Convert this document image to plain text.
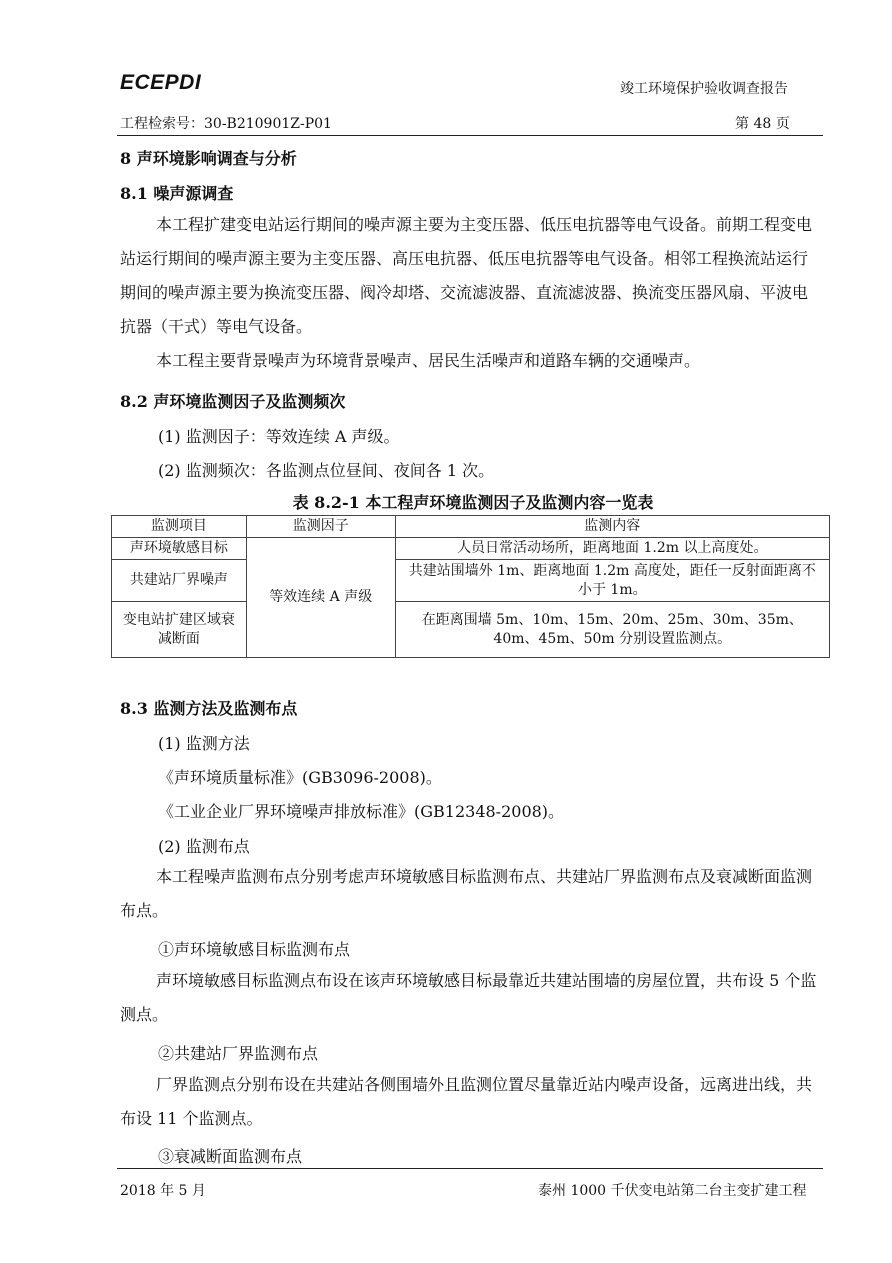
ECEPDI	竣工环境保护验收调查报告
工程检索号：30-B210901Z-P01	第 48 页
8 声环境影响调查与分析
8.1 噪声源调查
本工程扩建变电站运行期间的噪声源主要为主变压器、低压电抗器等电气设备。前期工程变电站运行期间的噪声源主要为主变压器、高压电抗器、低压电抗器等电气设备。相邻工程换流站运行期间的噪声源主要为换流变压器、阀冷却塔、交流滤波器、直流滤波器、换流变压器风扇、平波电抗器（干式）等电气设备。
本工程主要背景噪声为环境背景噪声、居民生活噪声和道路车辆的交通噪声。
8.2 声环境监测因子及监测频次
(1) 监测因子：等效连续 A 声级。
(2) 监测频次：各监测点位昼间、夜间各 1 次。
表 8.2-1 本工程声环境监测因子及监测内容一览表
监测项目	监测因子	监测内容
声环境敏感目标	等效连续 A 声级	人员日常活动场所，距离地面 1.2m 以上高度处。
共建站厂界噪声		共建站围墙外 1m、距离地面 1.2m 高度处，距任一反射面距离不小于 1m。
变电站扩建区域衰减断面		在距离围墙 5m、10m、15m、20m、25m、30m、35m、40m、45m、50m 分别设置监测点。
8.3 监测方法及监测布点
(1) 监测方法
《声环境质量标准》(GB3096-2008)。
《工业企业厂界环境噪声排放标准》(GB12348-2008)。
(2) 监测布点
本工程噪声监测布点分别考虑声环境敏感目标监测布点、共建站厂界监测布点及衰减断面监测布点。
①声环境敏感目标监测布点
声环境敏感目标监测点布设在该声环境敏感目标最靠近共建站围墙的房屋位置，共布设 5 个监测点。
②共建站厂界监测布点
厂界监测点分别布设在共建站各侧围墙外且监测位置尽量靠近站内噪声设备，远离进出线，共布设 11 个监测点。
③衰减断面监测布点
2018 年 5 月	泰州 1000 千伏变电站第二台主变扩建工程
